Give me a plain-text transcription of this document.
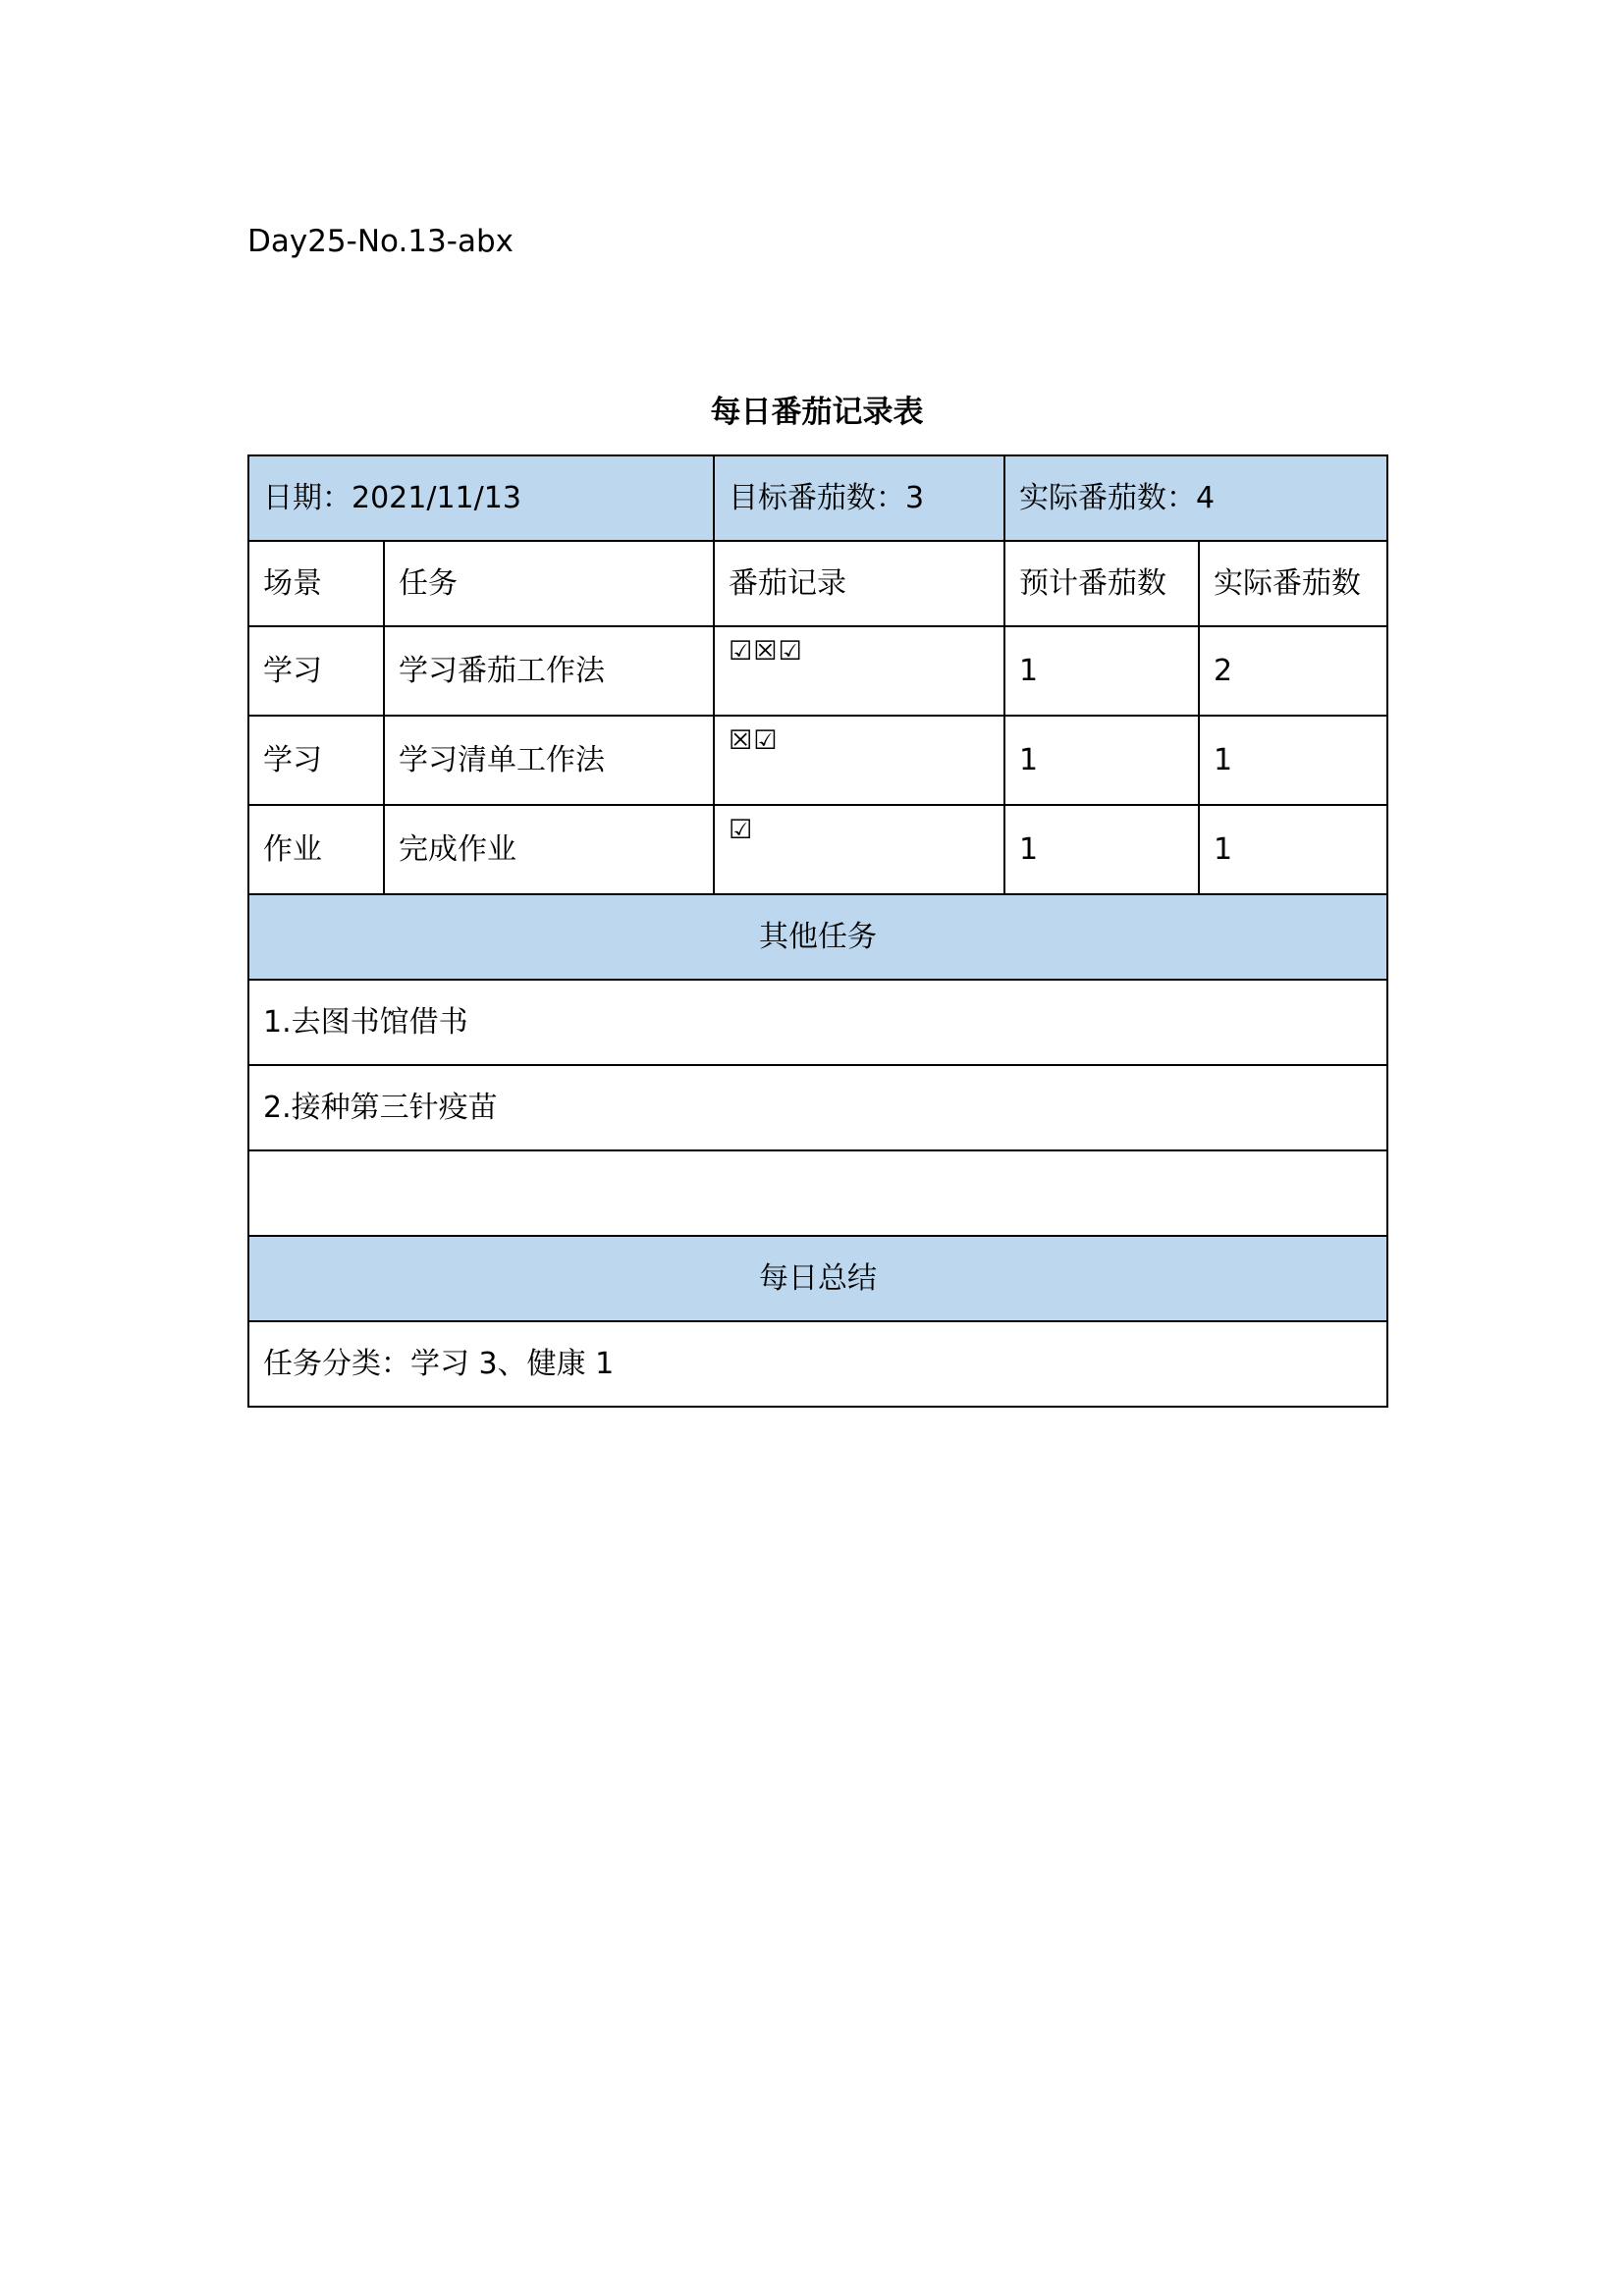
Day25-No.13-abx
每日番茄记录表
日期：2021/11/13		目标番茄数：3	实际番茄数：4	
场景	任务	番茄记录	预计番茄数	实际番茄数
学习	学习番茄工作法	☑☒☑	1	2
学习	学习清单工作法	☒☑	1	1
作业	完成作业	☑	1	1
其他任务				
1.去图书馆借书				
2.接种第三针疫苗				

每日总结				
任务分类：学习 3、健康 1				
